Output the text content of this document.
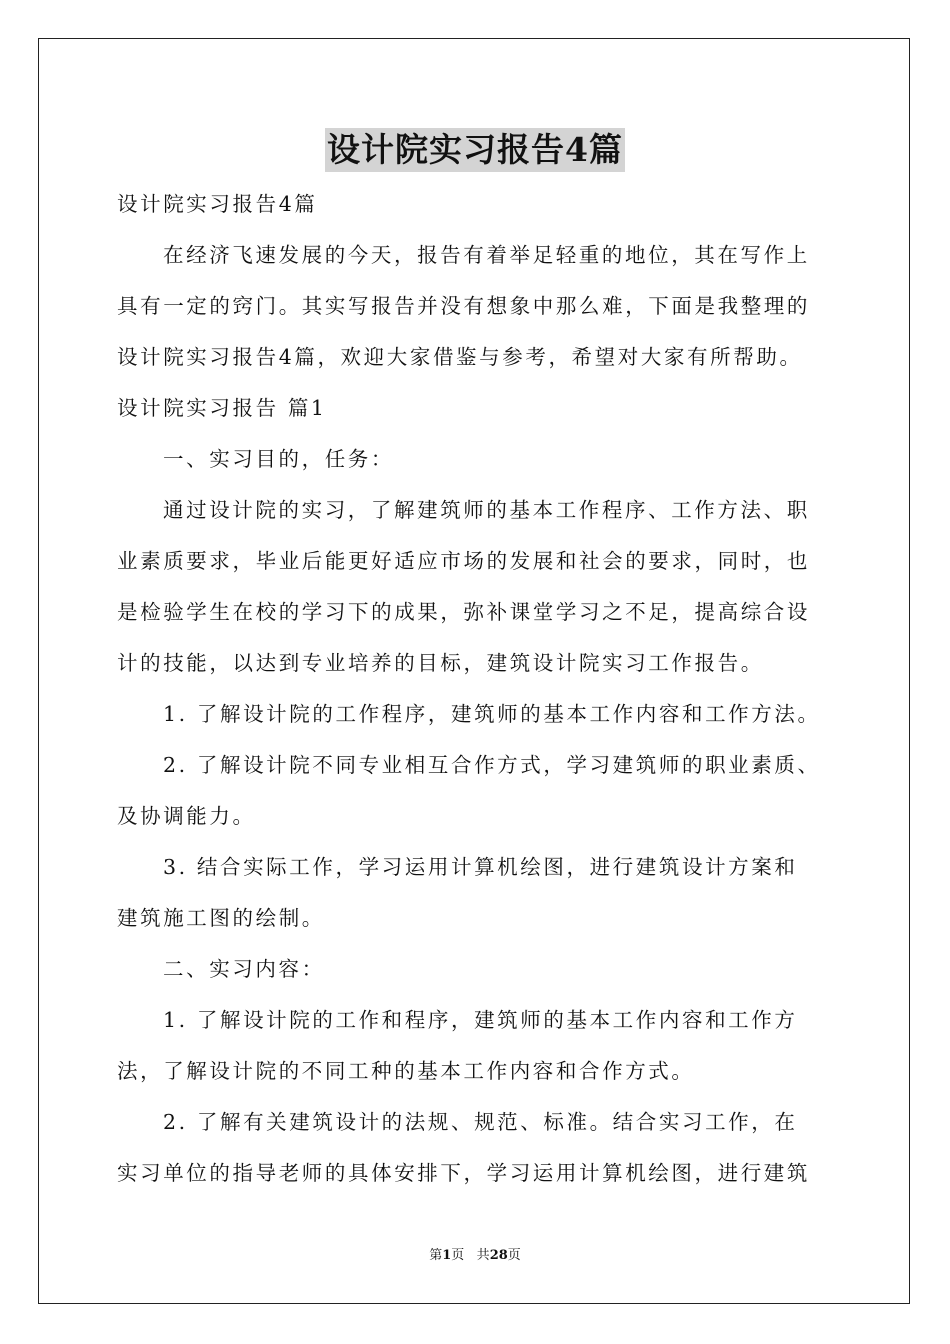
设计院实习报告4篇
设计院实习报告4篇
在经济飞速发展的今天，报告有着举足轻重的地位，其在写作上
具有一定的窍门。其实写报告并没有想象中那么难，下面是我整理的
设计院实习报告4篇，欢迎大家借鉴与参考，希望对大家有所帮助。
设计院实习报告 篇1
一、实习目的，任务：
通过设计院的实习，了解建筑师的基本工作程序、工作方法、职
业素质要求，毕业后能更好适应市场的发展和社会的要求，同时，也
是检验学生在校的学习下的成果，弥补课堂学习之不足，提高综合设
计的技能，以达到专业培养的目标，建筑设计院实习工作报告。
1. 了解设计院的工作程序，建筑师的基本工作内容和工作方法。
2. 了解设计院不同专业相互合作方式，学习建筑师的职业素质、
及协调能力。
3. 结合实际工作，学习运用计算机绘图，进行建筑设计方案和
建筑施工图的绘制。
二、实习内容：
1. 了解设计院的工作和程序，建筑师的基本工作内容和工作方
法，了解设计院的不同工种的基本工作内容和合作方式。
2. 了解有关建筑设计的法规、规范、标准。结合实习工作，在
实习单位的指导老师的具体安排下，学习运用计算机绘图，进行建筑
第1页 共28页
